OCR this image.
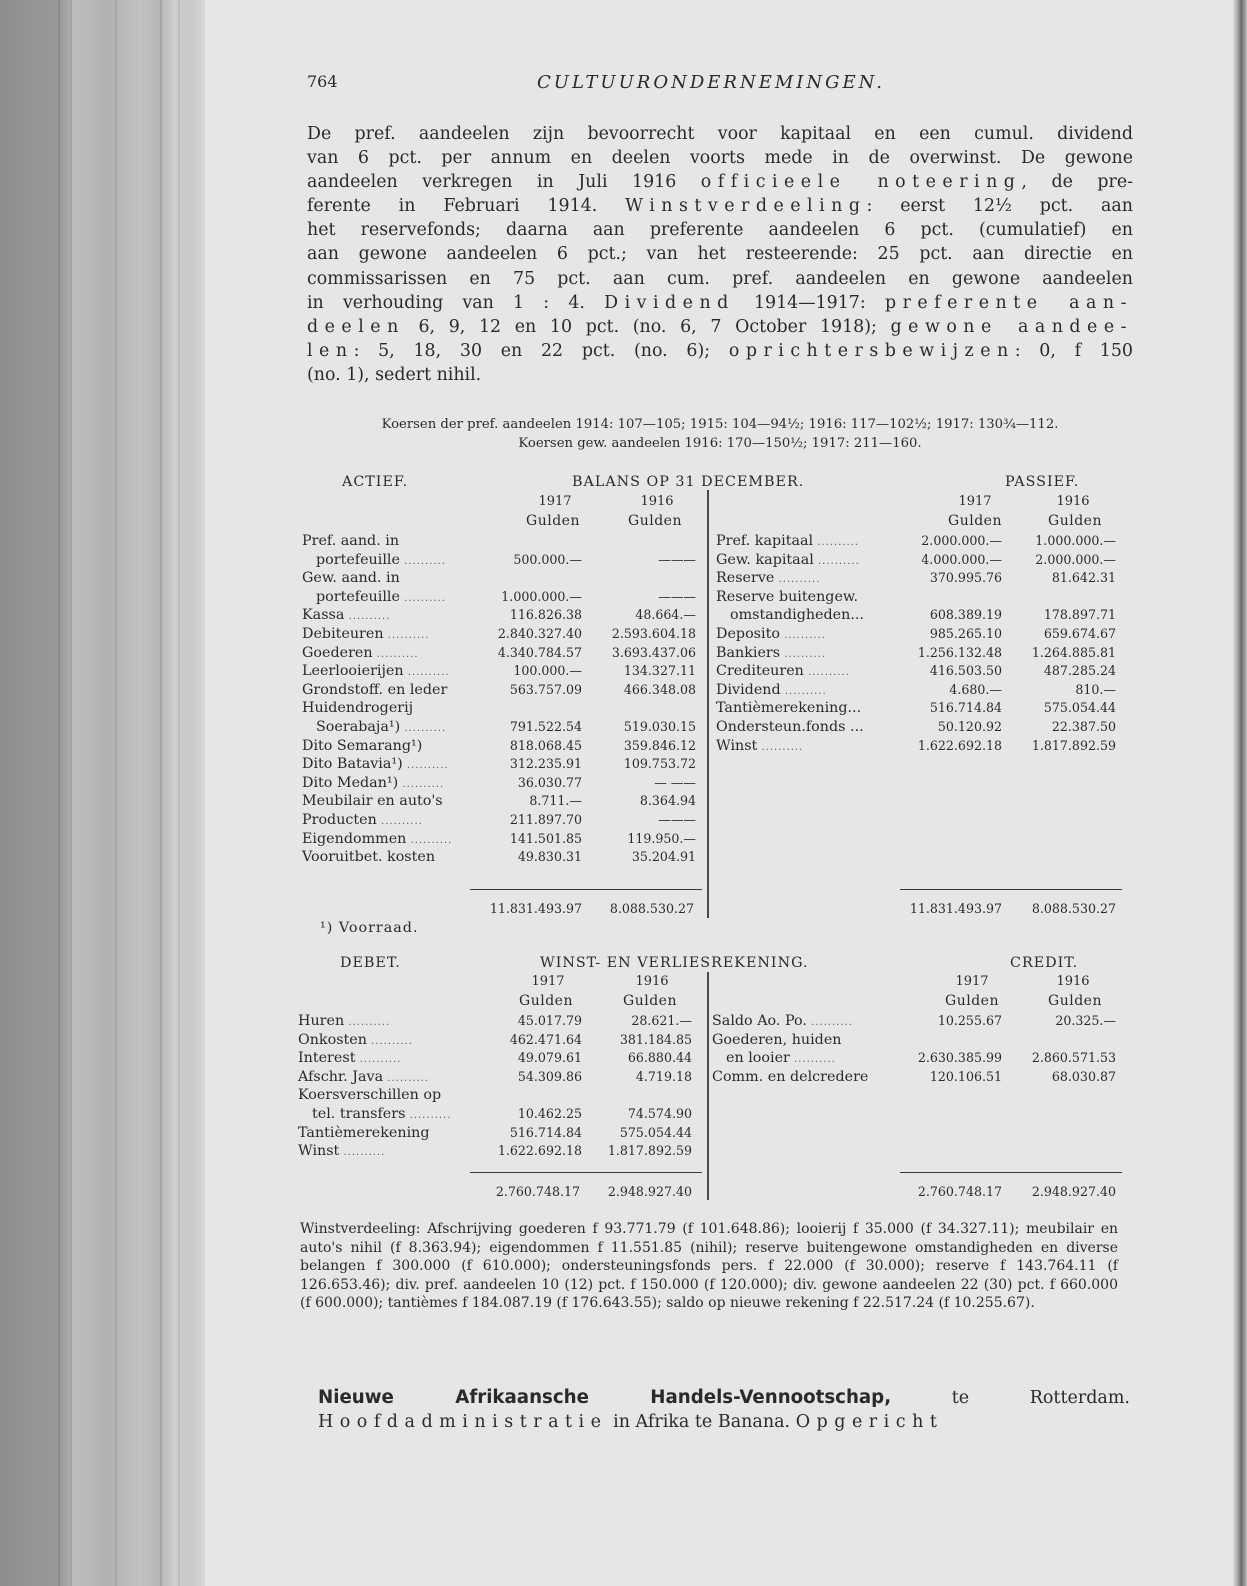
764	CULTUURONDERNEMINGEN.

De pref. aandeelen zijn bevoorrecht voor kapitaal en een cumul. dividend

van 6 pct. per annum en deelen voorts mede in de overwinst. De gewone

aandeelen verkregen in Juli 1916 officieele noteering, de pre-

ferente in Februari 1914. Winstverdeeling: eerst 12½ pct. aan

het reservefonds; daarna aan preferente aandeelen 6 pct. (cumulatief) en

aan gewone aandeelen 6 pct.; van het resteerende: 25 pct. aan directie en

commissarissen en 75 pct. aan cum. pref. aandeelen en gewone aandeelen

in verhouding van 1 : 4. Dividend 1914—1917: preferente aan-

deelen 6, 9, 12 en 10 pct. (no. 6, 7 October 1918); gewone aandee-

len: 5, 18, 30 en 22 pct. (no. 6); oprichtersbewijzen: 0, f 150

(no. 1), sedert nihil.

Koersen der pref. aandeelen 1914: 107—105; 1915: 104—94½; 1916: 117—102½; 1917: 130¾—112.
Koersen gew. aandeelen 1916: 170—150½; 1917: 211—160.
ACTIEF.	BALANS OP 31 DECEMBER.	PASSIEF.
1917	1916
Gulden	Gulden
1917	1916
Gulden	Gulden
Pref. aand. in
portefeuille ..........	500.000.—	———
Gew. aand. in
portefeuille ..........	1.000.000.—	———
Kassa ..........	116.826.38	48.664.—
Debiteuren ..........	2.840.327.40	2.593.604.18
Goederen ..........	4.340.784.57	3.693.437.06
Leerlooierijen ..........	100.000.—	134.327.11
Grondstoff. en leder	563.757.09	466.348.08
Huidendrogerij
Soerabaja¹) ..........	791.522.54	519.030.15
Dito Semarang¹)	818.068.45	359.846.12
Dito Batavia¹) ..........	312.235.91	109.753.72
Dito Medan¹) ..........	36.030.77	— ——
Meubilair en auto's	8.711.—	8.364.94
Producten ..........	211.897.70	———
Eigendommen ..........	141.501.85	119.950.—
Vooruitbet. kosten	49.830.31	35.204.91
Pref. kapitaal ..........	2.000.000.—	1.000.000.—
Gew. kapitaal ..........	4.000.000.—	2.000.000.—
Reserve ..........	370.995.76	81.642.31
Reserve buitengew.
omstandigheden...	608.389.19	178.897.71
Deposito ..........	985.265.10	659.674.67
Bankiers ..........	1.256.132.48	1.264.885.81
Crediteuren ..........	416.503.50	487.285.24
Dividend ..........	4.680.—	810.—
Tantièmerekening...	516.714.84	575.054.44
Ondersteun.fonds ...	50.120.92	22.387.50
Winst ..........	1.622.692.18	1.817.892.59
11.831.493.97	8.088.530.27	11.831.493.97	8.088.530.27
¹) Voorraad.
DEBET.	WINST- EN VERLIESREKENING.	CREDIT.
1917	1916
Gulden	Gulden
1917	1916
Gulden	Gulden
Huren ..........	45.017.79	28.621.—
Onkosten ..........	462.471.64	381.184.85
Interest ..........	49.079.61	66.880.44
Afschr. Java ..........	54.309.86	4.719.18
Koersverschillen op
tel. transfers ..........	10.462.25	74.574.90
Tantièmerekening	516.714.84	575.054.44
Winst ..........	1.622.692.18	1.817.892.59
Saldo Ao. Po. ..........	10.255.67	20.325.—
Goederen, huiden
en looier ..........	2.630.385.99	2.860.571.53
Comm. en delcredere	120.106.51	68.030.87
2.760.748.17	2.948.927.40	2.760.748.17	2.948.927.40
Winstverdeeling: Afschrijving goederen f 93.771.79 (f 101.648.86); looierij f 35.000 (f 34.327.11); meubilair en auto's nihil (f 8.363.94); eigendommen f 11.551.85 (nihil); reserve buitengewone omstandigheden en diverse belangen f 300.000 (f 610.000); ondersteuningsfonds pers. f 22.000 (f 30.000); reserve f 143.764.11 (f 126.653.46); div. pref. aandeelen 10 (12) pct. f 150.000 (f 120.000); div. gewone aandeelen 22 (30) pct. f 660.000 (f 600.000); tantièmes f 184.087.19 (f 176.643.55); saldo op nieuwe rekening f 22.517.24 (f 10.255.67).
Nieuwe Afrikaansche Handels-Vennootschap,	te Rotterdam. Hoofdadministratie in Afrika te Banana. Opgericht
